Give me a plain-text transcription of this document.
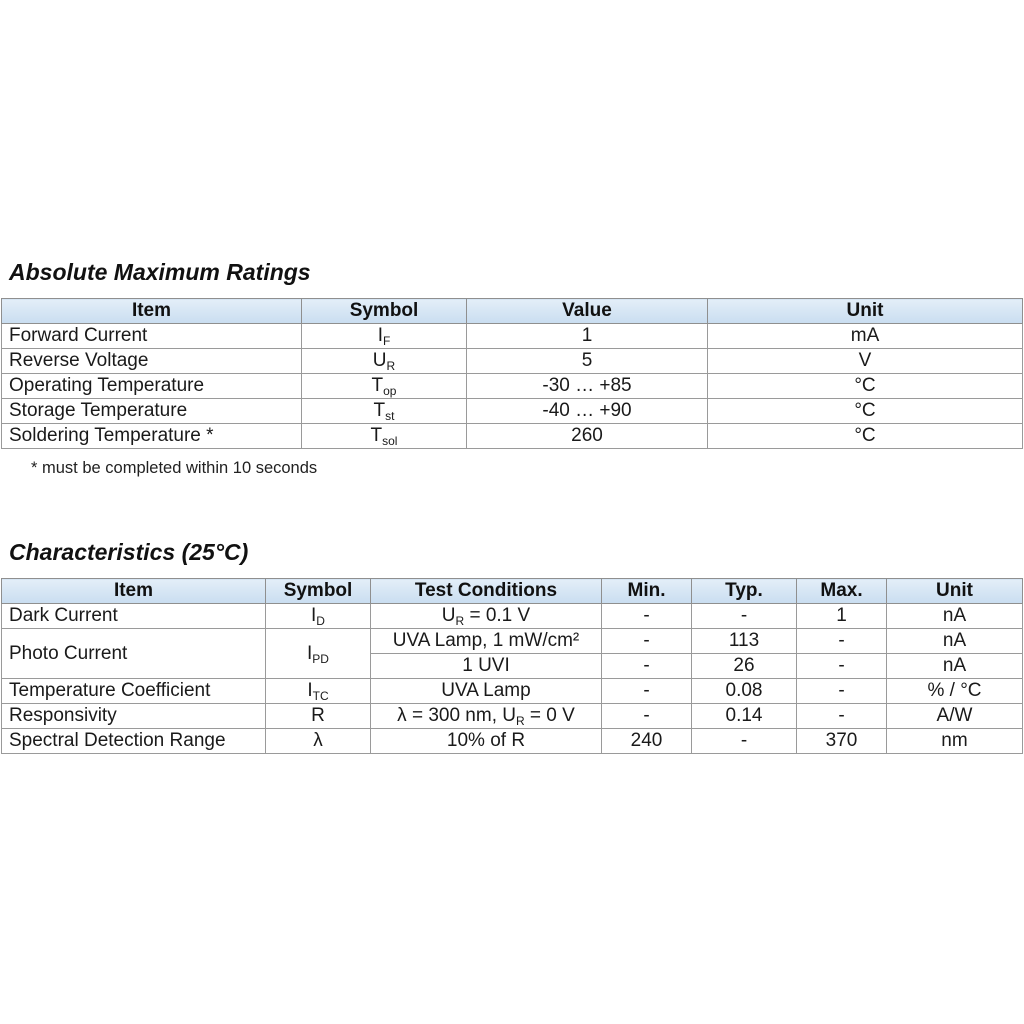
Absolute Maximum Ratings
Item	Symbol	Value	Unit
Forward Current	$I_F$	1	mA
Reverse Voltage	$U_R$	5	V
Operating Temperature	$T_{op}$	-30 … +85	°C
Storage Temperature	$T_{st}$	-40 … +90	°C
Soldering Temperature *	$T_{sol}$	260	°C
* must be completed within 10 seconds
Characteristics (25°C)
Item	Symbol	Test Conditions	Min.	Typ.	Max.	Unit
Dark Current	$I_D$	$U_R = 0.1$ V	-	-	1	nA
Photo Current	$I_{PD}$	UVA Lamp, 1 mW/cm²	-	113	-	nA
		1 UVI	-	26	-	nA
Temperature Coefficient	$I_{TC}$	UVA Lamp	-	0.08	-	% / °C
Responsivity	R	λ = 300 nm, $U_R = 0$ V	-	0.14	-	A/W
Spectral Detection Range	λ	10% of R	240	-	370	nm
